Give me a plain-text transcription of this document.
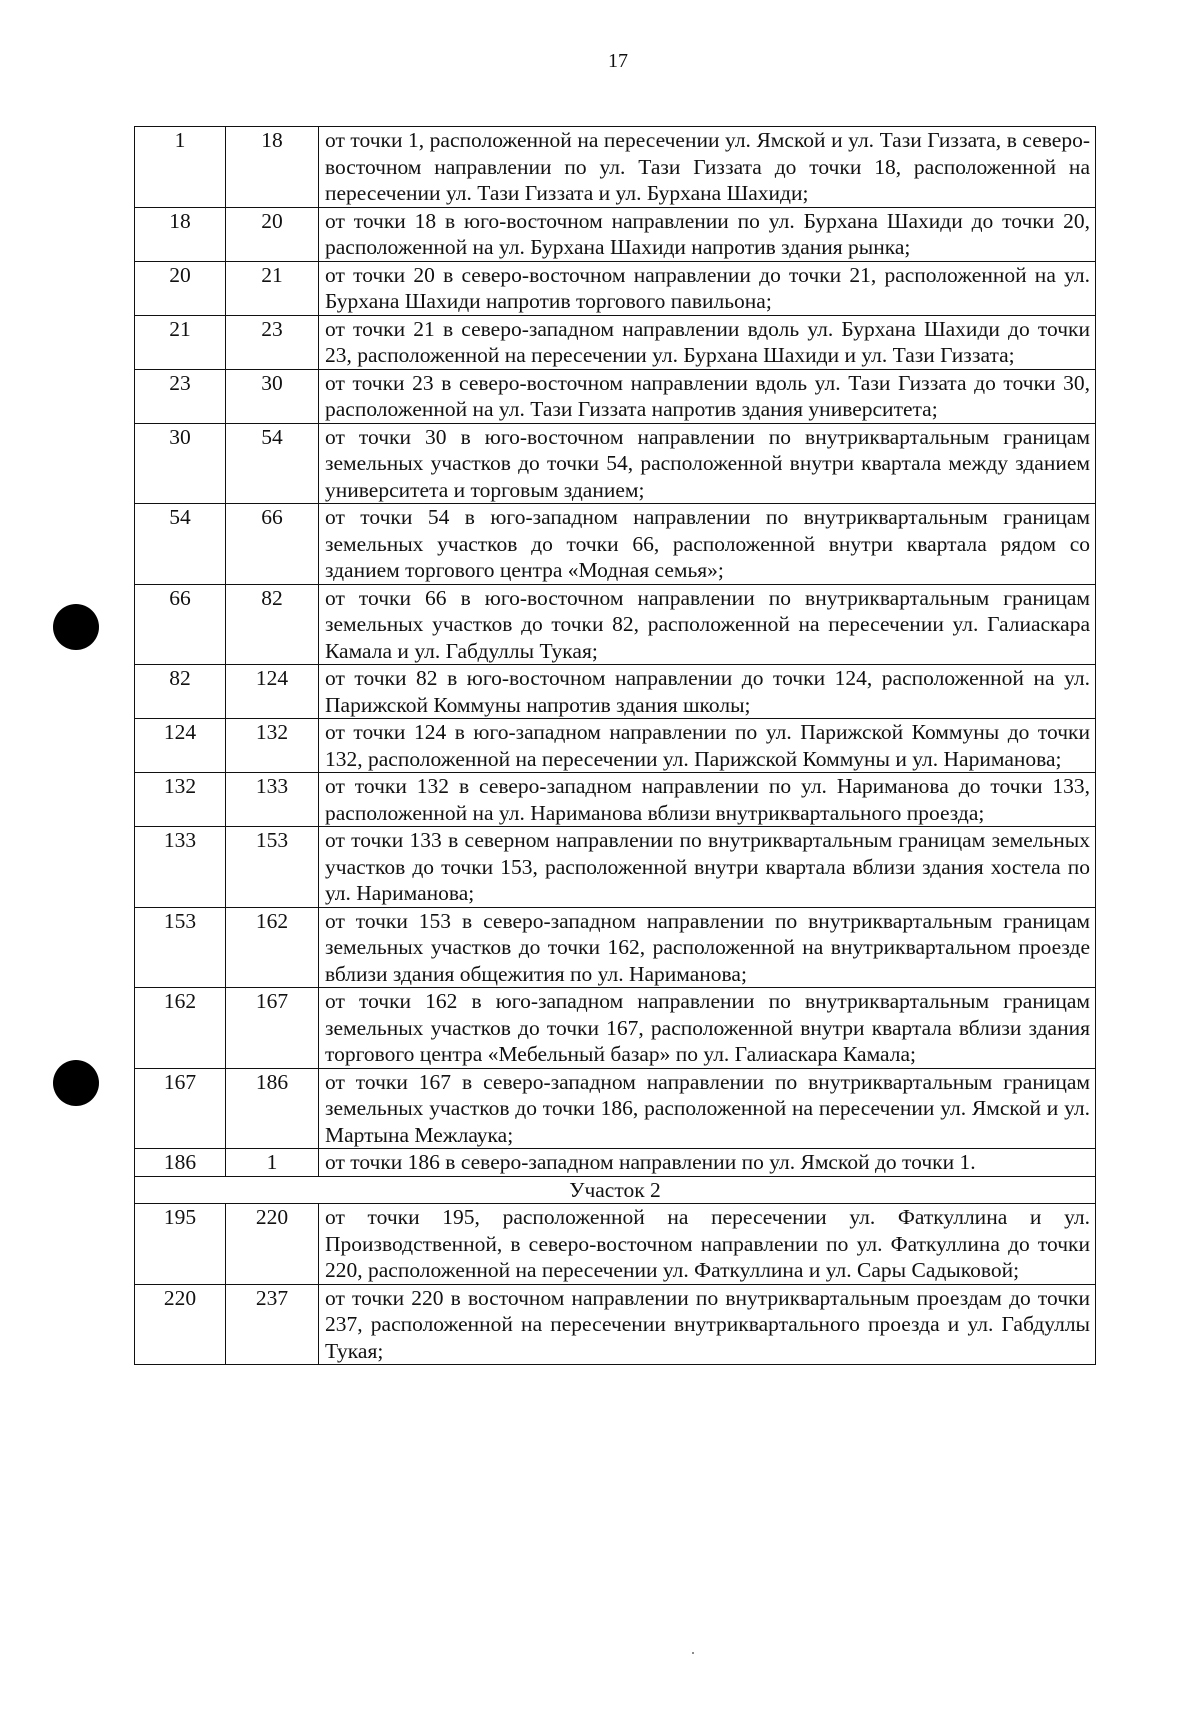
17
1	18	от точки 1, расположенной на пересечении ул. Ямской и ул. Тази Гиззата, в северо-восточном направлении по ул. Тази Гиззата до точки 18, расположенной на пересечении ул. Тази Гиззата и ул. Бурхана Шахиди;
18	20	от точки 18 в юго-восточном направлении по ул. Бурхана Шахиди до точки 20, расположенной на ул. Бурхана Шахиди напротив здания рынка;
20	21	от точки 20 в северо-восточном направлении до точки 21, расположенной на ул. Бурхана Шахиди напротив торгового павильона;
21	23	от точки 21 в северо-западном направлении вдоль ул. Бурхана Шахиди до точки 23, расположенной на пересечении ул. Бурхана Шахиди и ул. Тази Гиззата;
23	30	от точки 23 в северо-восточном направлении вдоль ул. Тази Гиззата до точки 30, расположенной на ул. Тази Гиззата напротив здания университета;
30	54	от точки 30 в юго-восточном направлении по внутриквартальным границам земельных участков до точки 54, расположенной внутри квартала между зданием университета и торговым зданием;
54	66	от точки 54 в юго-западном направлении по внутриквартальным границам земельных участков до точки 66, расположенной внутри квартала рядом со зданием торгового центра «Модная семья»;
66	82	от точки 66 в юго-восточном направлении по внутриквартальным границам земельных участков до точки 82, расположенной на пересечении ул. Галиаскара Камала и ул. Габдуллы Тукая;
82	124	от точки 82 в юго-восточном направлении до точки 124, расположенной на ул. Парижской Коммуны напротив здания школы;
124	132	от точки 124 в юго-западном направлении по ул. Парижской Коммуны до точки 132, расположенной на пересечении ул. Парижской Коммуны и ул. Нариманова;
132	133	от точки 132 в северо-западном направлении по ул. Нариманова до точки 133, расположенной на ул. Нариманова вблизи внутриквартального проезда;
133	153	от точки 133 в северном направлении по внутриквартальным границам земельных участков до точки 153, расположенной внутри квартала вблизи здания хостела по ул. Нариманова;
153	162	от точки 153 в северо-западном направлении по внутриквартальным границам земельных участков до точки 162, расположенной на внутриквартальном проезде вблизи здания общежития по ул. Нариманова;
162	167	от точки 162 в юго-западном направлении по внутриквартальным границам земельных участков до точки 167, расположенной внутри квартала вблизи здания торгового центра «Мебельный базар» по ул. Галиаскара Камала;
167	186	от точки 167 в северо-западном направлении по внутриквартальным границам земельных участков до точки 186, расположенной на пересечении ул. Ямской и ул. Мартына Межлаука;
186	1	от точки 186 в северо-западном направлении по ул. Ямской до точки 1.
Участок 2		
195	220	от точки 195, расположенной на пересечении ул. Фаткуллина и ул. Производственной, в северо-восточном направлении по ул. Фаткуллина до точки 220, расположенной на пересечении ул. Фаткуллина и ул. Сары Садыковой;
220	237	от точки 220 в восточном направлении по внутриквартальным проездам до точки 237, расположенной на пересечении внутриквартального проезда и ул. Габдуллы Тукая;
